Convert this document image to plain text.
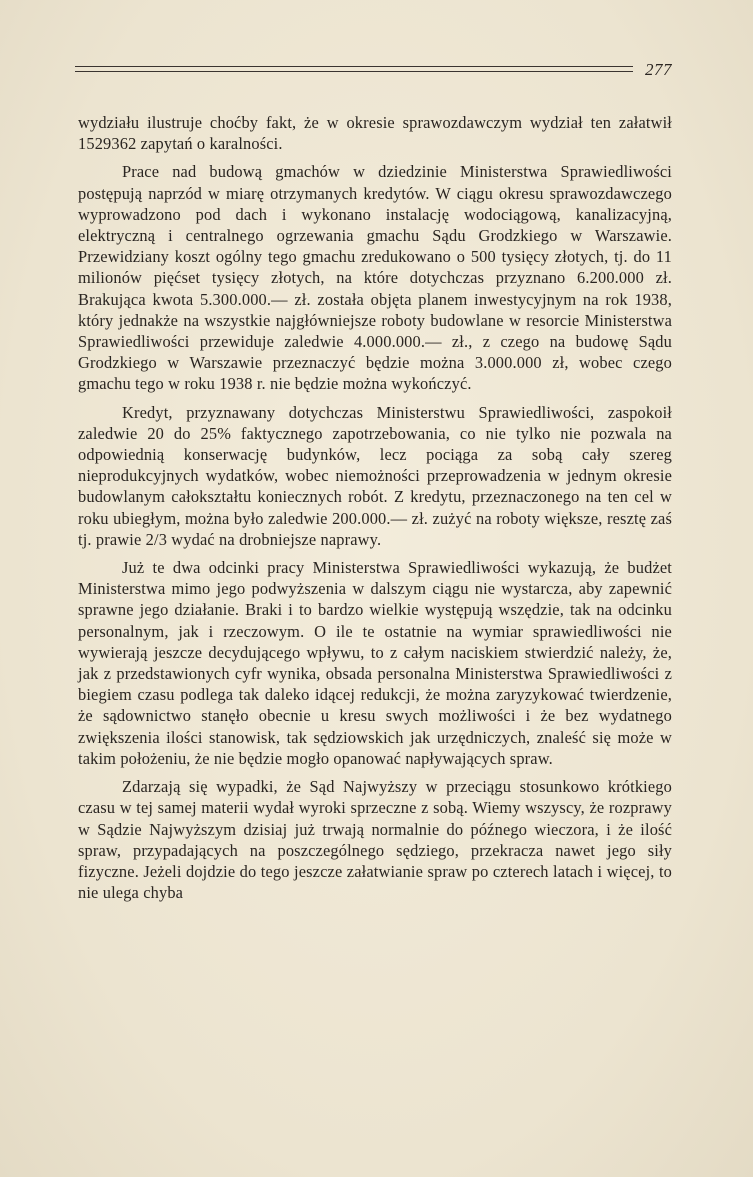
277

wydziału ilustruje choćby fakt, że w okresie sprawozdawczym wydział ten załatwił 1529362 zapytań o karalności.

Prace nad budową gmachów w dziedzinie Ministerstwa Sprawiedliwości postępują naprzód w miarę otrzymanych kredytów. W ciągu okresu sprawozdawczego wyprowadzono pod dach i wykonano instalację wodociągową, kanalizacyjną, elektryczną i centralnego ogrzewania gmachu Sądu Grodzkiego w Warszawie. Przewidziany koszt ogólny tego gmachu zredukowano o 500 tysięcy złotych, tj. do 11 milionów pięćset tysięcy złotych, na które dotychczas przyznano 6.200.000 zł. Brakująca kwota 5.300.000.— zł. została objęta planem inwestycyjnym na rok 1938, który jednakże na wszystkie najgłówniejsze roboty budowlane w resorcie Ministerstwa Sprawiedliwości przewiduje zaledwie 4.000.000.— zł., z czego na budowę Sądu Grodzkiego w Warszawie przeznaczyć będzie można 3.000.000 zł, wobec czego gmachu tego w roku 1938 r. nie będzie można wykończyć.

Kredyt, przyznawany dotychczas Ministerstwu Sprawiedliwości, zaspokoił zaledwie 20 do 25% faktycznego zapotrzebowania, co nie tylko nie pozwala na odpowiednią konserwację budynków, lecz pociąga za sobą cały szereg nieprodukcyjnych wydatków, wobec niemożności przeprowadzenia w jednym okresie budowlanym całokształtu koniecznych robót. Z kredytu, przeznaczonego na ten cel w roku ubiegłym, można było zaledwie 200.000.— zł. zużyć na roboty większe, resztę zaś tj. prawie 2/3 wydać na drobniejsze naprawy.

Już te dwa odcinki pracy Ministerstwa Sprawiedliwości wykazują, że budżet Ministerstwa mimo jego podwyższenia w dalszym ciągu nie wystarcza, aby zapewnić sprawne jego działanie. Braki i to bardzo wielkie występują wszędzie, tak na odcinku personalnym, jak i rzeczowym. O ile te ostatnie na wymiar sprawiedliwości nie wywierają jeszcze decydującego wpływu, to z całym naciskiem stwierdzić należy, że, jak z przedstawionych cyfr wynika, obsada personalna Ministerstwa Sprawiedliwości z biegiem czasu podlega tak daleko idącej redukcji, że można zaryzykować twierdzenie, że sądownictwo stanęło obecnie u kresu swych możliwości i że bez wydatnego zwiększenia ilości stanowisk, tak sędziowskich jak urzędniczych, znaleść się może w takim położeniu, że nie będzie mogło opanować napływających spraw.

Zdarzają się wypadki, że Sąd Najwyższy w przeciągu stosunkowo krótkiego czasu w tej samej materii wydał wyroki sprzeczne z sobą. Wiemy wszyscy, że rozprawy w Sądzie Najwyższym dzisiaj już trwają normalnie do późnego wieczora, i że ilość spraw, przypadających na poszczególnego sędziego, przekracza nawet jego siły fizyczne. Jeżeli dojdzie do tego jeszcze załatwianie spraw po czterech latach i więcej, to nie ulega chyba
